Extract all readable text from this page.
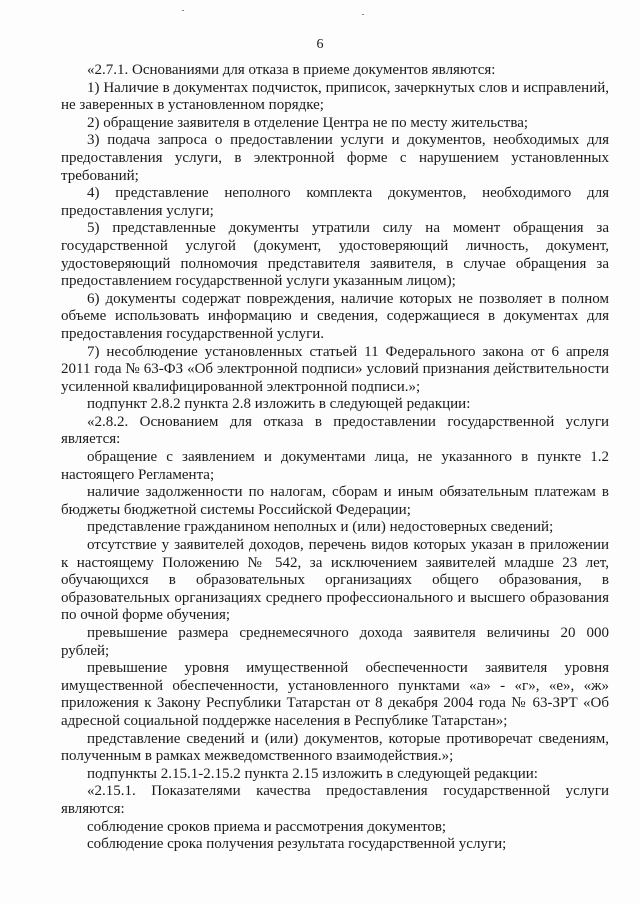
6

«2.7.1. Основаниями для отказа в приеме документов являются:

1) Наличие в документах подчисток, приписок, зачеркнутых слов и исправлений, не заверенных в установленном порядке;

2) обращение заявителя в отделение Центра не по месту жительства;

3) подача запроса о предоставлении услуги и документов, необходимых для предоставления услуги, в электронной форме с нарушением установленных требований;

4) представление неполного комплекта документов, необходимого для предоставления услуги;

5) представленные документы утратили силу на момент обращения за государственной услугой (документ, удостоверяющий личность, документ, удостоверяющий полномочия представителя заявителя, в случае обращения за предоставлением государственной услуги указанным лицом);

6) документы содержат повреждения, наличие которых не позволяет в полном объеме использовать информацию и сведения, содержащиеся в документах для предоставления государственной услуги.

7) несоблюдение установленных статьей 11 Федерального закона от 6 апреля 2011 года № 63-ФЗ «Об электронной подписи» условий признания действительности усиленной квалифицированной электронной подписи.»;

подпункт 2.8.2 пункта 2.8 изложить в следующей редакции:

«2.8.2. Основанием для отказа в предоставлении государственной услуги является:

обращение с заявлением и документами лица, не указанного в пункте 1.2 настоящего Регламента;

наличие задолженности по налогам, сборам и иным обязательным платежам в бюджеты бюджетной системы Российской Федерации;

представление гражданином неполных и (или) недостоверных сведений;

отсутствие у заявителей доходов, перечень видов которых указан в приложении к настоящему Положению № 542, за исключением заявителей младше 23 лет, обучающихся в образовательных организациях общего образования, в образовательных организациях среднего профессионального и высшего образования по очной форме обучения;

превышение размера среднемесячного дохода заявителя величины 20 000 рублей;

превышение уровня имущественной обеспеченности заявителя уровня имущественной обеспеченности, установленного пунктами «а» - «г», «е», «ж» приложения к Закону Республики Татарстан от 8 декабря 2004 года № 63-ЗРТ «Об адресной социальной поддержке населения в Республике Татарстан»;

представление сведений и (или) документов, которые противоречат сведениям, полученным в рамках межведомственного взаимодействия.»;

подпункты 2.15.1-2.15.2 пункта 2.15 изложить в следующей редакции:

«2.15.1. Показателями качества предоставления государственной услуги являются:

соблюдение сроков приема и рассмотрения документов;

соблюдение срока получения результата государственной услуги;
